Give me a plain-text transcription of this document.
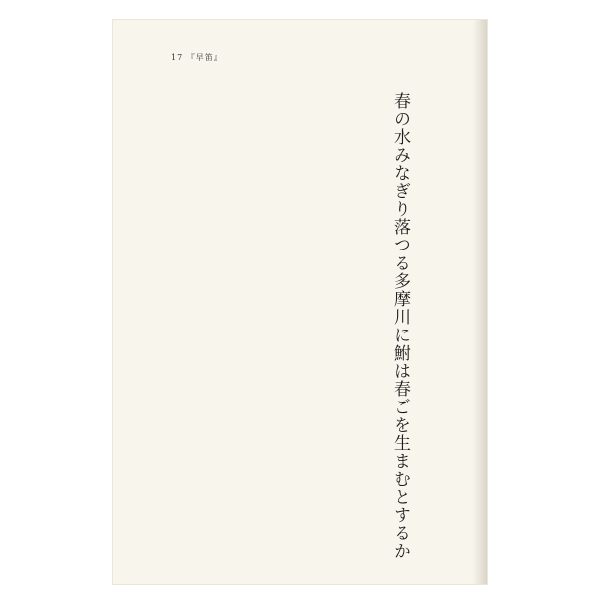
17 『早笛』
春の水みなぎり落つる多摩川に鮒は春ごを生まむとするか
